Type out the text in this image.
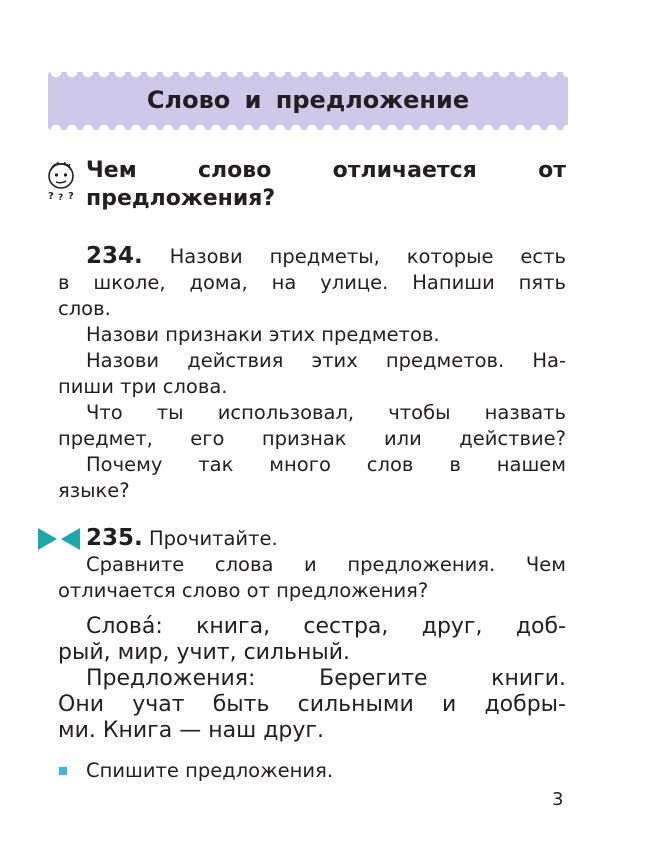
Слово и предложение
? ? ?
Чем	слово	отличается	от
предложения?
234. Назови предметы, которые есть
в школе, дома, на улице. Напиши пять
слов.
Назови признаки этих предметов.
Назови действия этих предметов. На-
пиши три слова.
Что ты использовал, чтобы назвать
предмет, его признак или действие?
Почему так много слов в нашем
языке?
235. Прочитайте.
Сравните слова и предложения. Чем
отличается слово от предложения?
Слова́: книга, сестра, друг, доб-
рый, мир, учит, сильный.
Предложения: Берегите книги.
Они учат быть сильными и добры-
ми. Книга — наш друг.
Спишите предложения.
3
